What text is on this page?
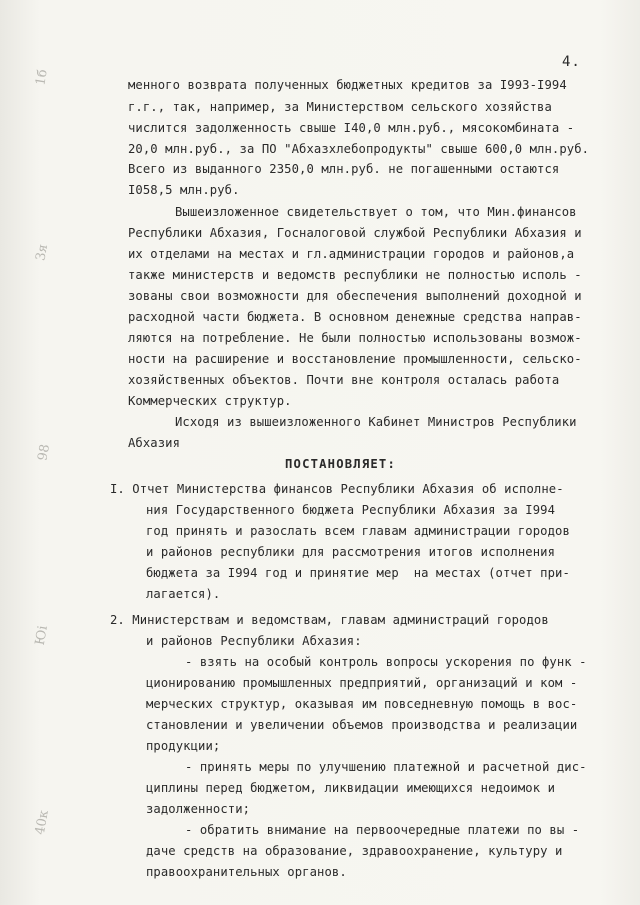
1б
3я
98
Юі
40к
4.

менного возврата полученных бюджетных кредитов за I993-I994

г.г., так, например, за Министерством сельского хозяйства

числится задолженность свыше I40,0 млн.руб., мясокомбината -

20,0 млн.руб., за ПО "Абхазхлебопродукты" свыше 600,0 млн.руб.

Всего из выданного 2350,0 млн.руб. не погашенными остаются

I058,5 млн.руб.

Вышеизложенное свидетельствует о том, что Мин.финансов

Республики Абхазия, Госналоговой службой Республики Абхазия и

их отделами на местах и гл.администрации городов и районов,а

также министерств и ведомств республики не полностью исполь -

зованы свои возможности для обеспечения выполнений доходной и

расходной части бюджета. В основном денежные средства направ-

ляются на потребление. Не были полностью использованы возмож-

ности на расширение и восстановление промышленности, сельско-

хозяйственных объектов. Почти вне контроля осталась работа

Коммерческих структур.

Исходя из вышеизложенного Кабинет Министров Республики

Абхазия

ПОСТАНОВЛЯЕТ:

I. Отчет Министерства финансов Республики Абхазия об исполне-

ния Государственного бюджета Республики Абхазия за I994

год принять и разослать всем главам администрации городов

и районов республики для рассмотрения итогов исполнения

бюджета за I994 год и принятие мер  на местах (отчет при-

лагается).

2. Министерствам и ведомствам, главам администраций городов

и районов Республики Абхазия:

- взять на особый контроль вопросы ускорения по функ -

ционированию промышленных предприятий, организаций и ком -

мерческих структур, оказывая им повседневную помощь в вос-

становлении и увеличении объемов производства и реализации

продукции;

- принять меры по улучшению платежной и расчетной дис-

циплины перед бюджетом, ликвидации имеющихся недоимок и

задолженности;

- обратить внимание на первоочередные платежи по вы -

даче средств на образование, здравоохранение, культуру и

правоохранительных органов.
